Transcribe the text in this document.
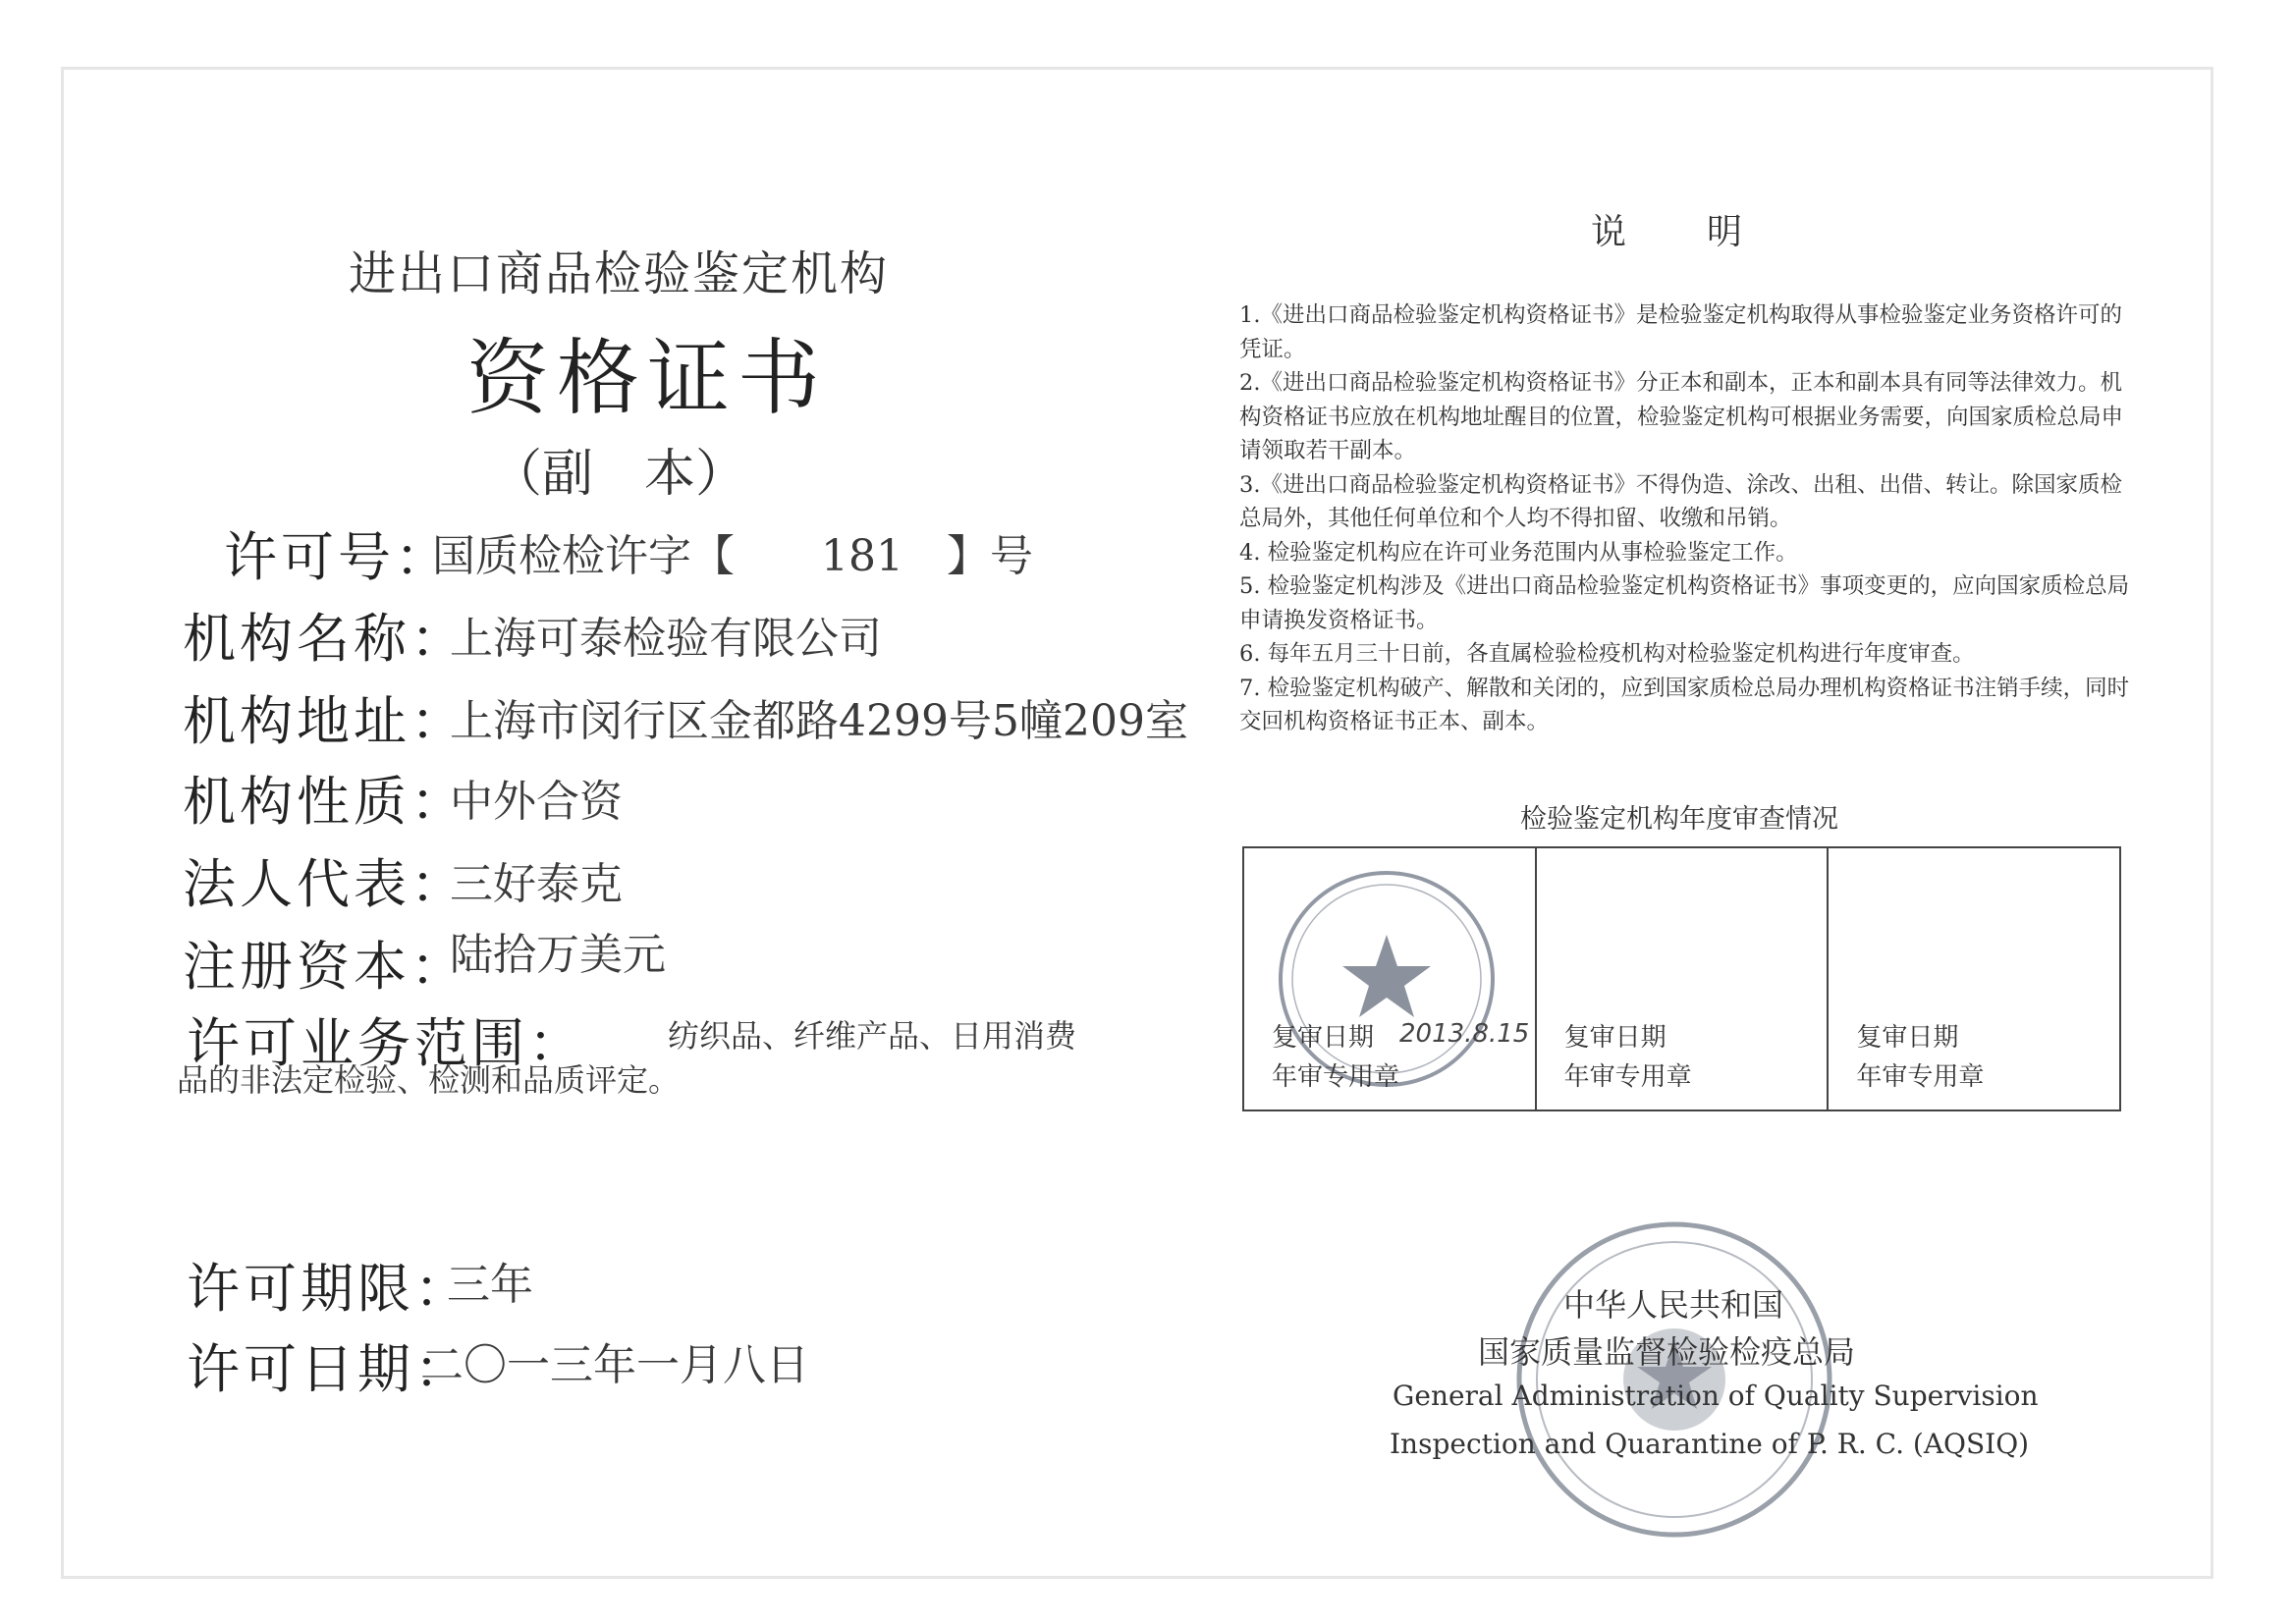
进出口商品检验鉴定机构
资格证书
（副　本）
许可号：
国质检检许字【　　181　】号
机构名称：
上海可泰检验有限公司
机构地址：
上海市闵行区金都路4299号5幢209室
机构性质：
中外合资
法人代表：
三好泰克
注册资本：
陆拾万美元
许可业务范围：	纺织品、纤维产品、日用消费
品的非法定检验、检测和品质评定。
许可期限：
三年
许可日期：
二〇一三年一月八日
说明

1.《进出口商品检验鉴定机构资格证书》是检验鉴定机构取得从事检验鉴定业务资格许可的凭证。

2.《进出口商品检验鉴定机构资格证书》分正本和副本，正本和副本具有同等法律效力。机构资格证书应放在机构地址醒目的位置，检验鉴定机构可根据业务需要，向国家质检总局申请领取若干副本。

3.《进出口商品检验鉴定机构资格证书》不得伪造、涂改、出租、出借、转让。除国家质检总局外，其他任何单位和个人均不得扣留、收缴和吊销。

4. 检验鉴定机构应在许可业务范围内从事检验鉴定工作。

5. 检验鉴定机构涉及《进出口商品检验鉴定机构资格证书》事项变更的，应向国家质检总局申请换发资格证书。

6. 每年五月三十日前，各直属检验检疫机构对检验鉴定机构进行年度审查。

7. 检验鉴定机构破产、解散和关闭的，应到国家质检总局办理机构资格证书注销手续，同时交回机构资格证书正本、副本。

检验鉴定机构年度审查情况
复审日期 2013.8.15
年审专用章
复审日期
年审专用章
复审日期
年审专用章
中华人民共和国
国家质量监督检验检疫总局
General Administration of Quality Supervision
Inspection and Quarantine of P. R. C. (AQSIQ)
